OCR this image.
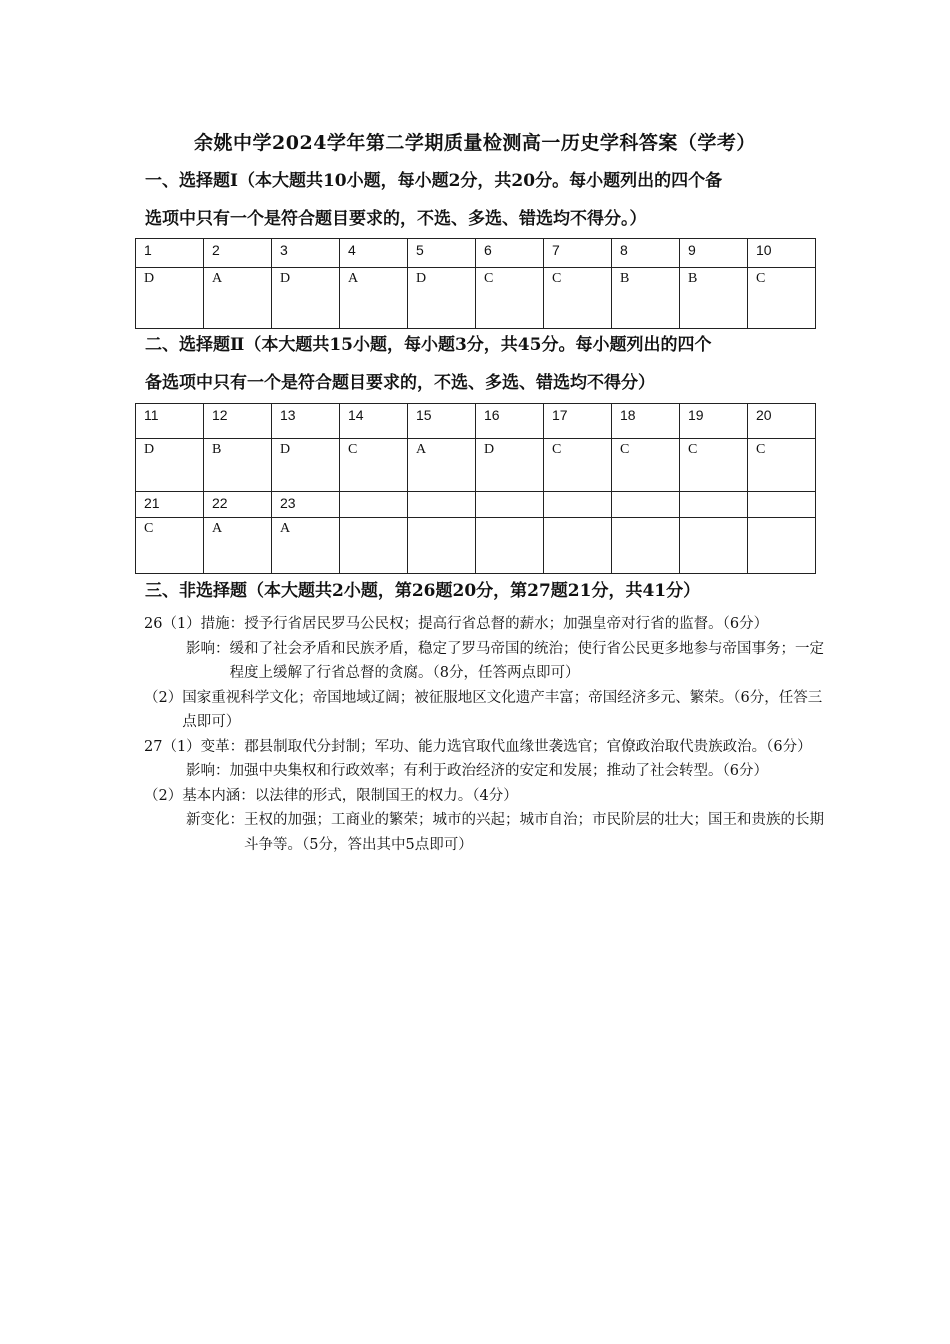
余姚中学2024学年第二学期质量检测高一历史学科答案（学考）
一、选择题Ⅰ（本大题共10小题，每小题2分，共20分。每小题列出的四个备
选项中只有一个是符合题目要求的，不选、多选、错选均不得分。）
1	2	3	4	5	6	7	8	9	10
D	A	D	A	D	C	C	B	B	C
二、选择题Ⅱ（本大题共15小题，每小题3分，共45分。每小题列出的四个
备选项中只有一个是符合题目要求的，不选、多选、错选均不得分）
11	12	13	14	15	16	17	18	19	20
D	B	D	C	A	D	C	C	C	C
21	22	23							
C	A	A							
三、非选择题（本大题共2小题，第26题20分，第27题21分，共41分）
26（1）措施： 授予行省居民罗马公民权；提高行省总督的薪水；加强皇帝对行省的监督。（6分）
影响： 缓和了社会矛盾和民族矛盾，稳定了罗马帝国的统治；使行省公民更多地参与帝国事务；一定程度上缓解了行省总督的贪腐。（8分，任答两点即可）
（2） 国家重视科学文化；帝国地域辽阔；被征服地区文化遗产丰富；帝国经济多元、繁荣。（6分，任答三点即可）
27（1）变革： 郡县制取代分封制；军功、能力选官取代血缘世袭选官；官僚政治取代贵族政治。（6分）
影响： 加强中央集权和行政效率；有利于政治经济的安定和发展；推动了社会转型。（6分）
（2）基本内涵： 以法律的形式，限制国王的权力。（4分）
新变化： 王权的加强；工商业的繁荣；城市的兴起；城市自治；市民阶层的壮大；国王和贵族的长期斗争等。（5分，答出其中5点即可）
